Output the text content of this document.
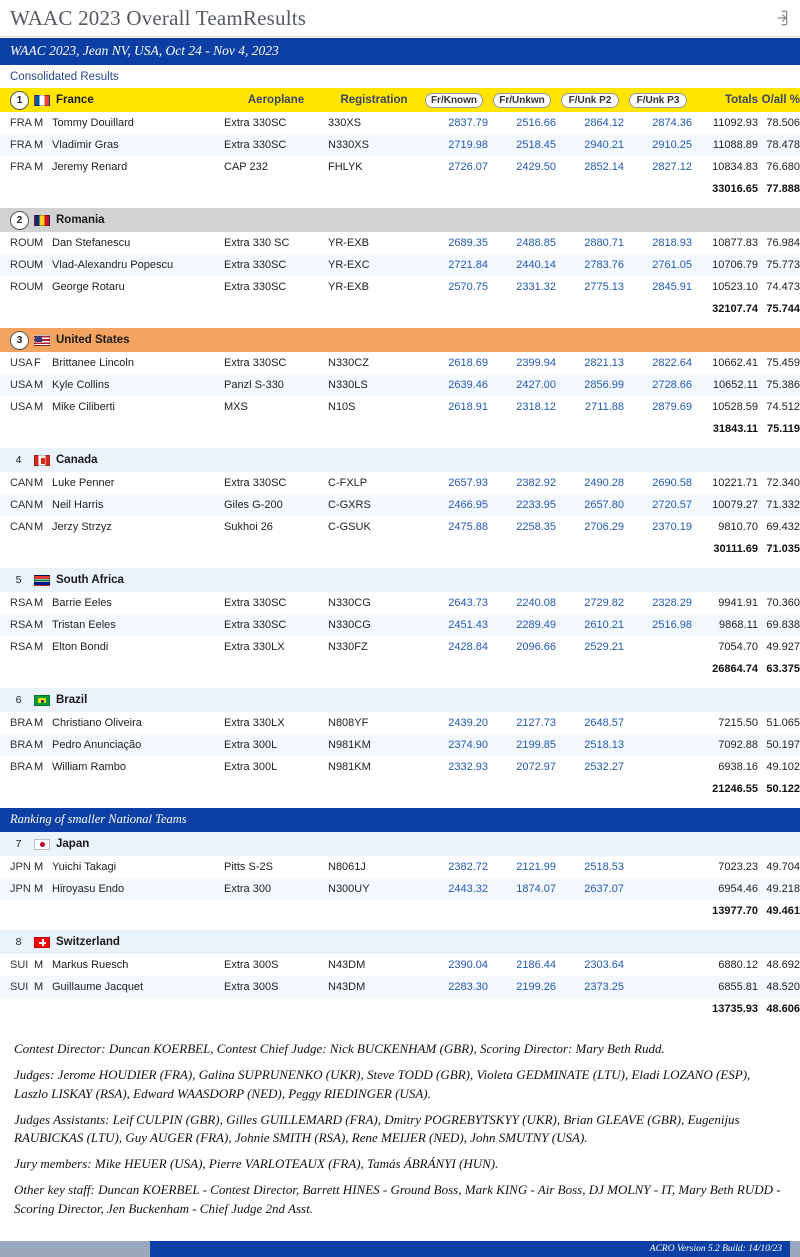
WAAC 2023 Overall TeamResults
WAAC 2023, Jean NV, USA, Oct 24 - Nov 4, 2023
Consolidated Results
1	France		Aeroplane	Registration	Fr/Known	Fr/Unkwn	F/Unk P2	F/Unk P3	Totals	O/all %
FRA	M	Tommy Douillard	Extra 330SC	330XS	2837.79	2516.66	2864.12	2874.36	11092.93	78.506
FRA	M	Vladimir Gras	Extra 330SC	N330XS	2719.98	2518.45	2940.21	2910.25	11088.89	78.478
FRA	M	Jeremy Renard	CAP 232	FHLYK	2726.07	2429.50	2852.14	2827.12	10834.83	76.680
									33016.65	77.888

2	Romania									

ROU	M	Dan Stefanescu	Extra 330 SC	YR-EXB	2689.35	2488.85	2880.71	2818.93	10877.83	76.984
ROU	M	Vlad-Alexandru Popescu	Extra 330SC	YR-EXC	2721.84	2440.14	2783.76	2761.05	10706.79	75.773
ROU	M	George Rotaru	Extra 330SC	YR-EXB	2570.75	2331.32	2775.13	2845.91	10523.10	74.473
									32107.74	75.744

3	United States									

USA	F	Brittanee Lincoln	Extra 330SC	N330CZ	2618.69	2399.94	2821.13	2822.64	10662.41	75.459
USA	M	Kyle Collins	Panzl S-330	N330LS	2639.46	2427.00	2856.99	2728.66	10652.11	75.386
USA	M	Mike Ciliberti	MXS	N10S	2618.91	2318.12	2711.88	2879.69	10528.59	74.512
									31843.11	75.119

4	Canada									

CAN	M	Luke Penner	Extra 330SC	C-FXLP	2657.93	2382.92	2490.28	2690.58	10221.71	72.340
CAN	M	Neil Harris	Giles G-200	C-GXRS	2466.95	2233.95	2657.80	2720.57	10079.27	71.332
CAN	M	Jerzy Strzyz	Sukhoi 26	C-GSUK	2475.88	2258.35	2706.29	2370.19	9810.70	69.432
									30111.69	71.035

5	South Africa									

RSA	M	Barrie Eeles	Extra 330SC	N330CG	2643.73	2240.08	2729.82	2328.29	9941.91	70.360
RSA	M	Tristan Eeles	Extra 330SC	N330CG	2451.43	2289.49	2610.21	2516.98	9868.11	69.838
RSA	M	Elton Bondi	Extra 330LX	N330FZ	2428.84	2096.66	2529.21		7054.70	49.927
									26864.74	63.375

6	Brazil									

BRA	M	Christiano Oliveira	Extra 330LX	N808YF	2439.20	2127.73	2648.57		7215.50	51.065
BRA	M	Pedro Anunciação	Extra 300L	N981KM	2374.90	2199.85	2518.13		7092.88	50.197
BRA	M	William Rambo	Extra 300L	N981KM	2332.93	2072.97	2532.27		6938.16	49.102
									21246.55	50.122

Ranking of smaller National Teams
7	Japan									

JPN	M	Yuichi Takagi	Pitts S-2S	N8061J	2382.72	2121.99	2518.53		7023.23	49.704
JPN	M	Hiroyasu Endo	Extra 300	N300UY	2443.32	1874.07	2637.07		6954.46	49.218
									13977.70	49.461

8	Switzerland									

SUI	M	Markus Ruesch	Extra 300S	N43DM	2390.04	2186.44	2303.64		6880.12	48.692
SUI	M	Guillaume Jacquet	Extra 300S	N43DM	2283.30	2199.26	2373.25		6855.81	48.520
									13735.93	48.606

Contest Director: Duncan KOERBEL, Contest Chief Judge: Nick BUCKENHAM (GBR), Scoring Director: Mary Beth Rudd.

Judges: Jerome HOUDIER (FRA), Galina SUPRUNENKO (UKR), Steve TODD (GBR), Violeta GEDMINATE (LTU), Eladi LOZANO (ESP), Laszlo LISKAY (RSA), Edward WAASDORP (NED), Peggy RIEDINGER (USA).

Judges Assistants: Leif CULPIN (GBR), Gilles GUILLEMARD (FRA), Dmitry POGREBYTSKYY (UKR), Brian GLEAVE (GBR), Eugenijus RAUBICKAS (LTU), Guy AUGER (FRA), Johnie SMITH (RSA), Rene MEIJER (NED), John SMUTNY (USA).

Jury members: Mike HEUER (USA), Pierre VARLOTEAUX (FRA), Tamás ÁBRÁNYI (HUN).

Other key staff: Duncan KOERBEL - Contest Director, Barrett HINES - Ground Boss, Mark KING - Air Boss, DJ MOLNY - IT, Mary Beth RUDD - Scoring Director, Jen Buckenham - Chief Judge 2nd Asst.

ACRO Version 5.2 Build: 14/10/23
